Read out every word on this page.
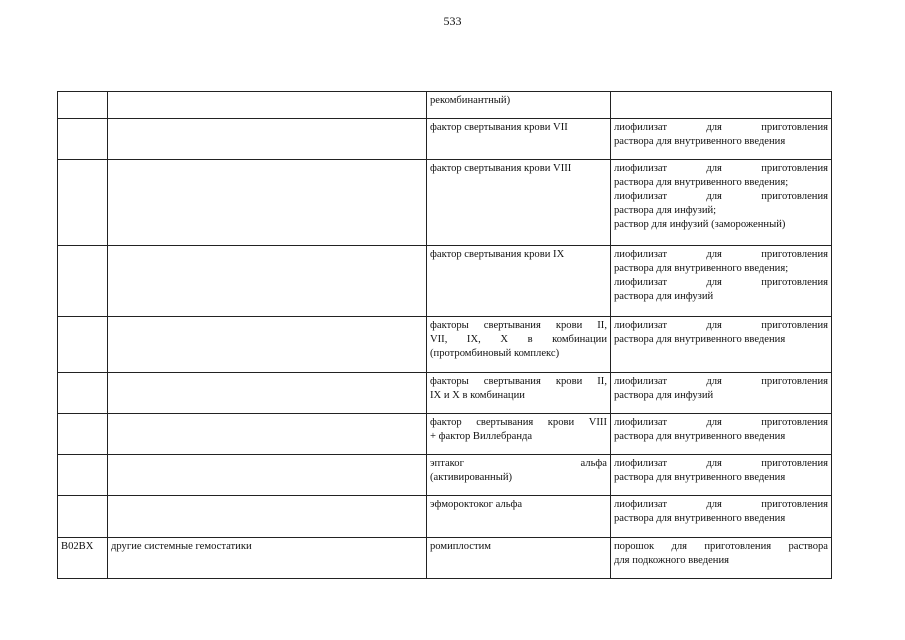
533

		рекомбинантный)	

		фактор свертывания крови VII	лиофилизат для приготовления
раствора для внутривенного введения

		фактор свертывания крови VIII	лиофилизат для приготовления
раствора для внутривенного введения;
лиофилизат для приготовления
раствора для инфузий;
раствор для инфузий (замороженный)

		фактор свертывания крови IX	лиофилизат для приготовления
раствора для внутривенного введения;
лиофилизат для приготовления
раствора для инфузий

		факторы свертывания крови II,
VII, IX, X в комбинации
(протромбиновый комплекс)	лиофилизат для приготовления
раствора для внутривенного введения

		факторы свертывания крови II,
IX и X в комбинации	лиофилизат для приготовления
раствора для инфузий

		фактор свертывания крови VIII
+ фактор Виллебранда	лиофилизат для приготовления
раствора для внутривенного введения

		эптаког альфа
(активированный)	лиофилизат для приготовления
раствора для внутривенного введения

		эфмороктоког альфа	лиофилизат для приготовления
раствора для внутривенного введения

B02BX	другие системные гемостатики	ромиплостим	порошок для приготовления раствора
для подкожного введения
